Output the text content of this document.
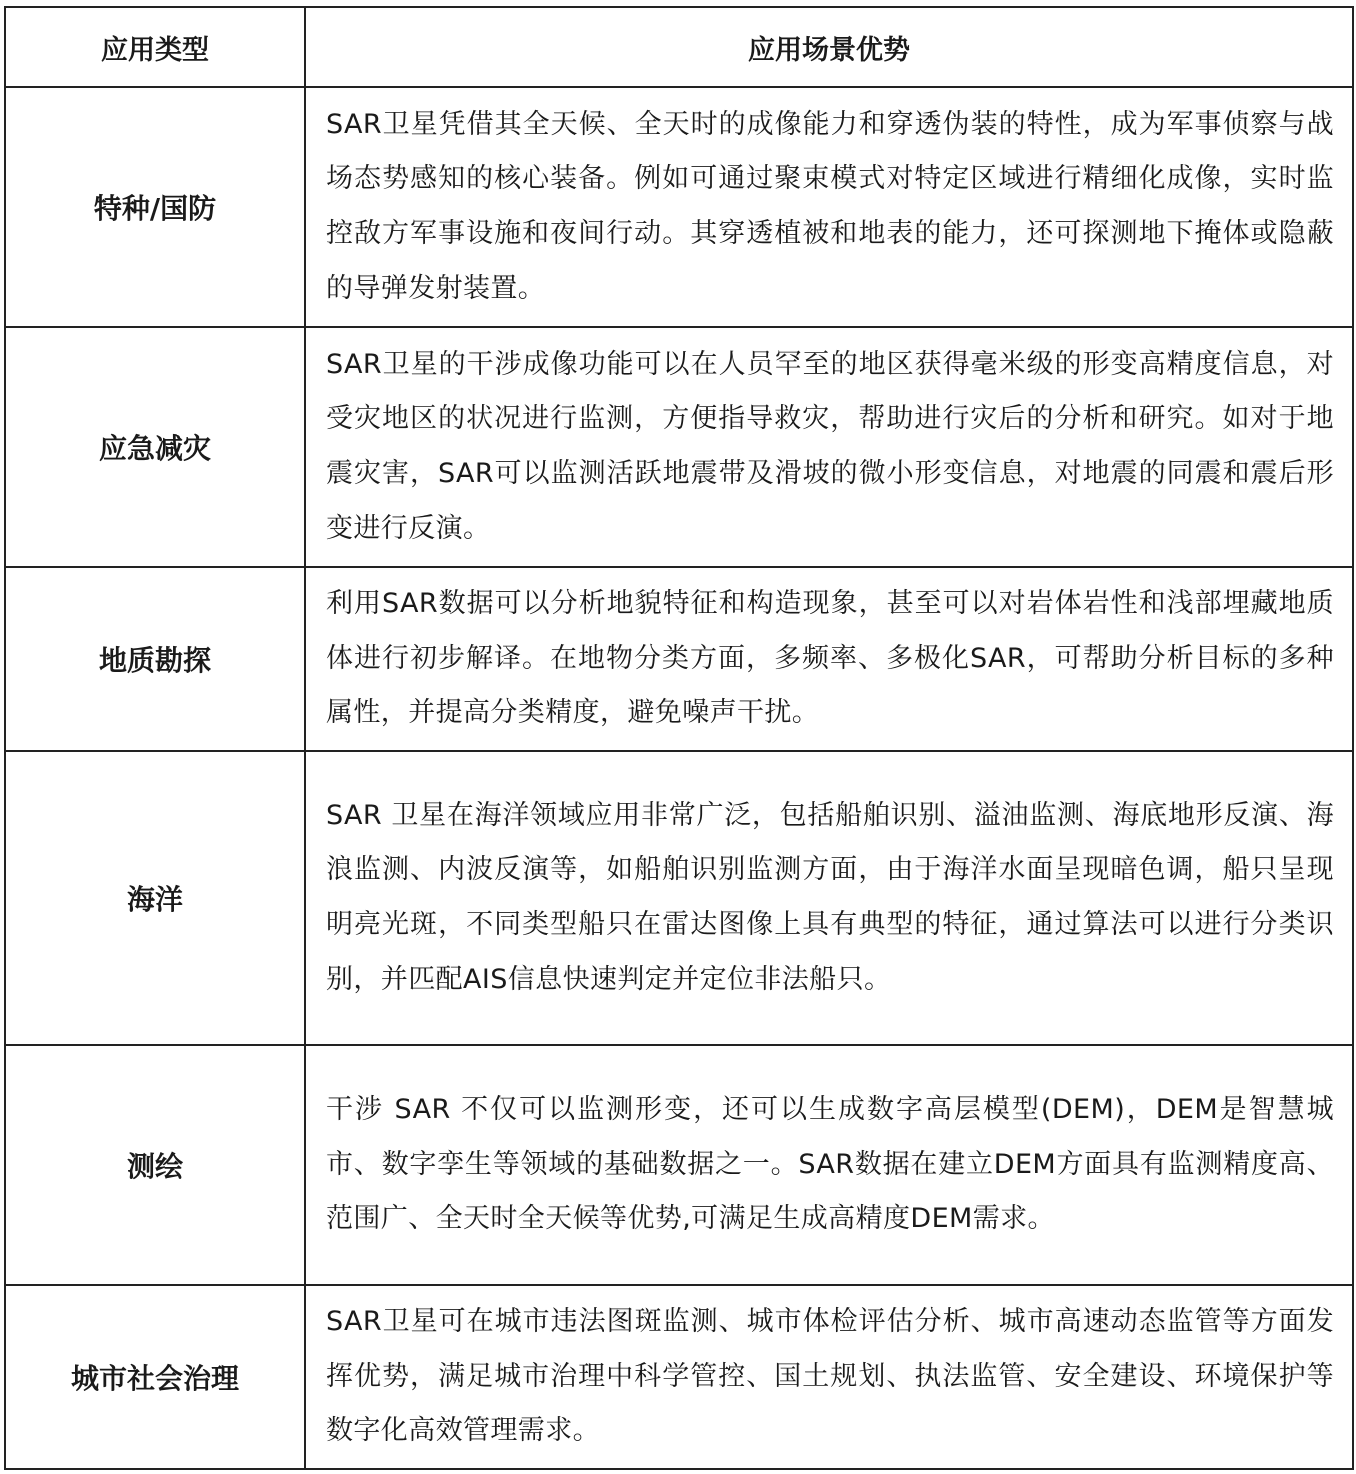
应用类型	应用场景优势
特种/国防	SAR卫星凭借其全天候、全天时的成像能力和穿透伪装的特性，成为军事侦察与战场态势感知的核心装备。例如可通过聚束模式对特定区域进行精细化成像，实时监控敌方军事设施和夜间行动。其穿透植被和地表的能力，还可探测地下掩体或隐蔽的导弹发射装置。
应急减灾	SAR卫星的干涉成像功能可以在人员罕至的地区获得毫米级的形变高精度信息，对受灾地区的状况进行监测，方便指导救灾，帮助进行灾后的分析和研究。如对于地震灾害，SAR可以监测活跃地震带及滑坡的微小形变信息，对地震的同震和震后形变进行反演。
地质勘探	利用SAR数据可以分析地貌特征和构造现象，甚至可以对岩体岩性和浅部埋藏地质体进行初步解译。在地物分类方面，多频率、多极化SAR，可帮助分析目标的多种属性，并提高分类精度，避免噪声干扰。
海洋	SAR 卫星在海洋领域应用非常广泛，包括船舶识别、溢油监测、海底地形反演、海浪监测、内波反演等，如船舶识别监测方面，由于海洋水面呈现暗色调，船只呈现明亮光斑，不同类型船只在雷达图像上具有典型的特征，通过算法可以进行分类识别，并匹配AIS信息快速判定并定位非法船只。
测绘	干涉 SAR 不仅可以监测形变，还可以生成数字高层模型(DEM)，DEM是智慧城市、数字孪生等领域的基础数据之一。SAR数据在建立DEM方面具有监测精度高、范围广、全天时全天候等优势,可满足生成高精度DEM需求。
城市社会治理	SAR卫星可在城市违法图斑监测、城市体检评估分析、城市高速动态监管等方面发挥优势，满足城市治理中科学管控、国土规划、执法监管、安全建设、环境保护等数字化高效管理需求。
